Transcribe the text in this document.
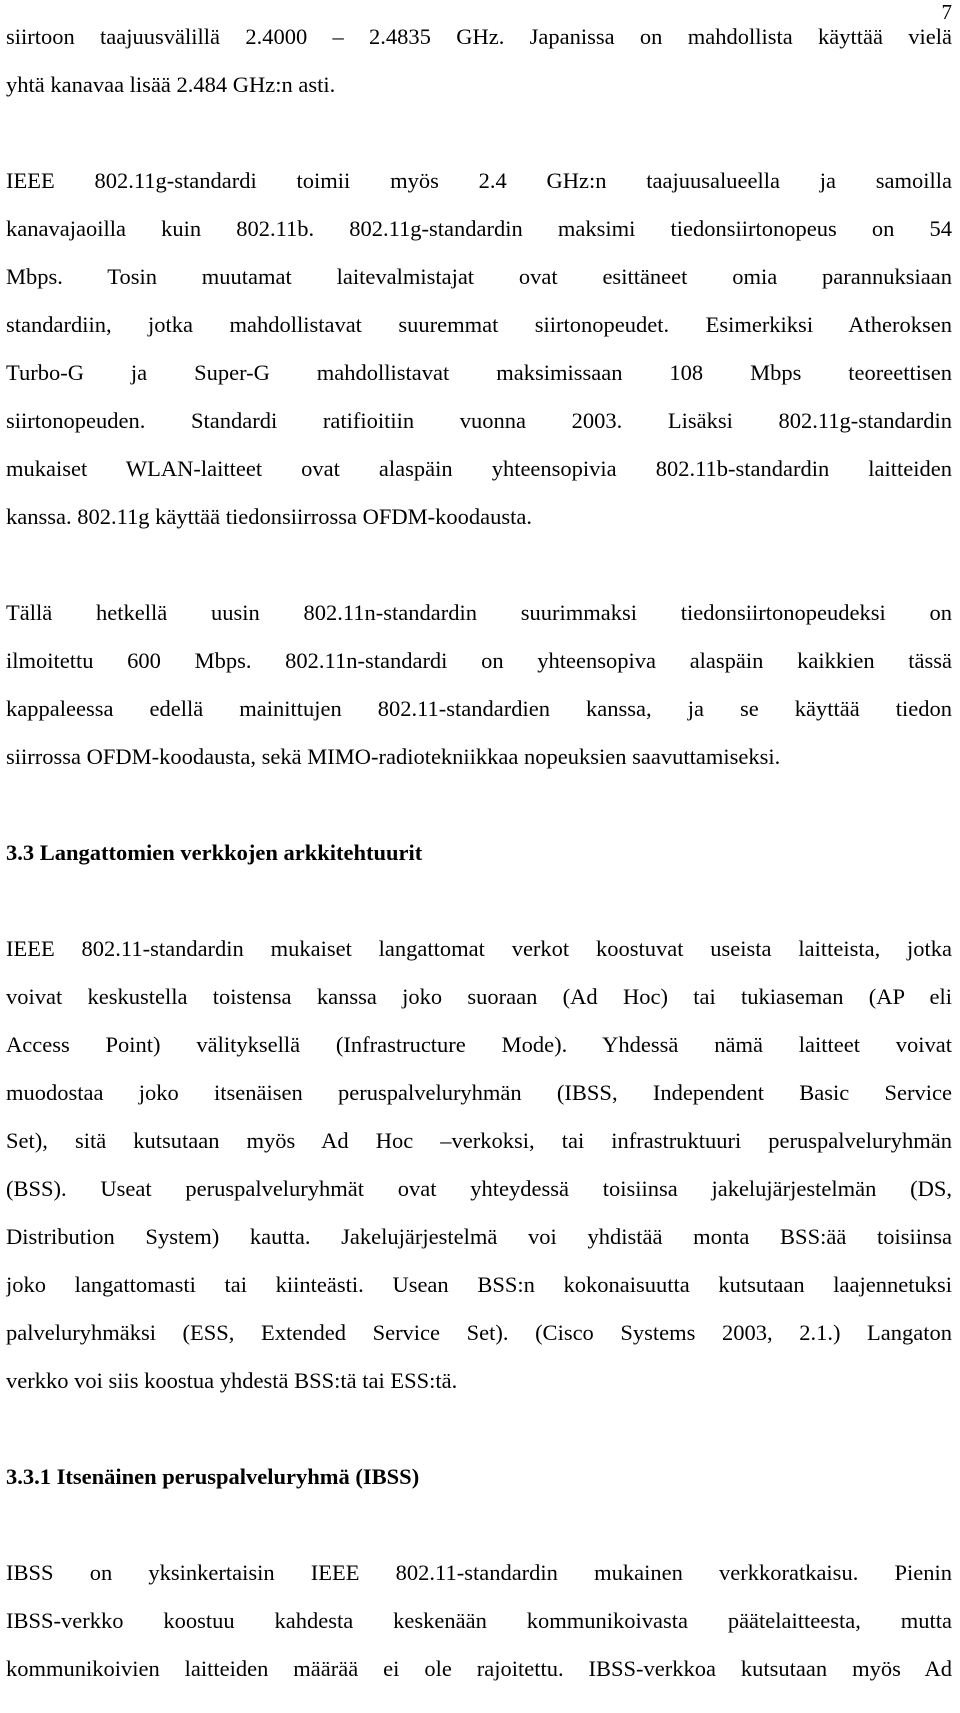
7
siirtoon taajuusvälillä 2.4000 – 2.4835 GHz. Japanissa on mahdollista käyttää vielä
yhtä kanavaa lisää 2.484 GHz:n asti.
IEEE 802.11g-standardi toimii myös 2.4 GHz:n taajuusalueella ja samoilla
kanavajaoilla kuin 802.11b. 802.11g-standardin maksimi tiedonsiirtonopeus on 54
Mbps. Tosin muutamat laitevalmistajat ovat esittäneet omia parannuksiaan
standardiin, jotka mahdollistavat suuremmat siirtonopeudet. Esimerkiksi Atheroksen
Turbo-G ja Super-G mahdollistavat maksimissaan 108 Mbps teoreettisen
siirtonopeuden. Standardi ratifioitiin vuonna 2003. Lisäksi 802.11g-standardin
mukaiset WLAN-laitteet ovat alaspäin yhteensopivia 802.11b-standardin laitteiden
kanssa. 802.11g käyttää tiedonsiirrossa OFDM-koodausta.
Tällä hetkellä uusin 802.11n-standardin suurimmaksi tiedonsiirtonopeudeksi on
ilmoitettu 600 Mbps. 802.11n-standardi on yhteensopiva alaspäin kaikkien tässä
kappaleessa edellä mainittujen 802.11-standardien kanssa, ja se käyttää tiedon
siirrossa OFDM-koodausta, sekä MIMO-radiotekniikkaa nopeuksien saavuttamiseksi.
3.3 Langattomien verkkojen arkkitehtuurit
IEEE 802.11-standardin mukaiset langattomat verkot koostuvat useista laitteista, jotka
voivat keskustella toistensa kanssa joko suoraan (Ad Hoc) tai tukiaseman (AP eli
Access Point) välityksellä (Infrastructure Mode). Yhdessä nämä laitteet voivat
muodostaa joko itsenäisen peruspalveluryhmän (IBSS, Independent Basic Service
Set), sitä kutsutaan myös Ad Hoc –verkoksi, tai infrastruktuuri peruspalveluryhmän
(BSS). Useat peruspalveluryhmät ovat yhteydessä toisiinsa jakelujärjestelmän (DS,
Distribution System) kautta. Jakelujärjestelmä voi yhdistää monta BSS:ää toisiinsa
joko langattomasti tai kiinteästi. Usean BSS:n kokonaisuutta kutsutaan laajennetuksi
palveluryhmäksi (ESS, Extended Service Set). (Cisco Systems 2003, 2.1.) Langaton
verkko voi siis koostua yhdestä BSS:tä tai ESS:tä.
3.3.1 Itsenäinen peruspalveluryhmä (IBSS)
IBSS on yksinkertaisin IEEE 802.11-standardin mukainen verkkoratkaisu. Pienin
IBSS-verkko koostuu kahdesta keskenään kommunikoivasta päätelaitteesta, mutta
kommunikoivien laitteiden määrää ei ole rajoitettu. IBSS-verkkoa kutsutaan myös Ad
